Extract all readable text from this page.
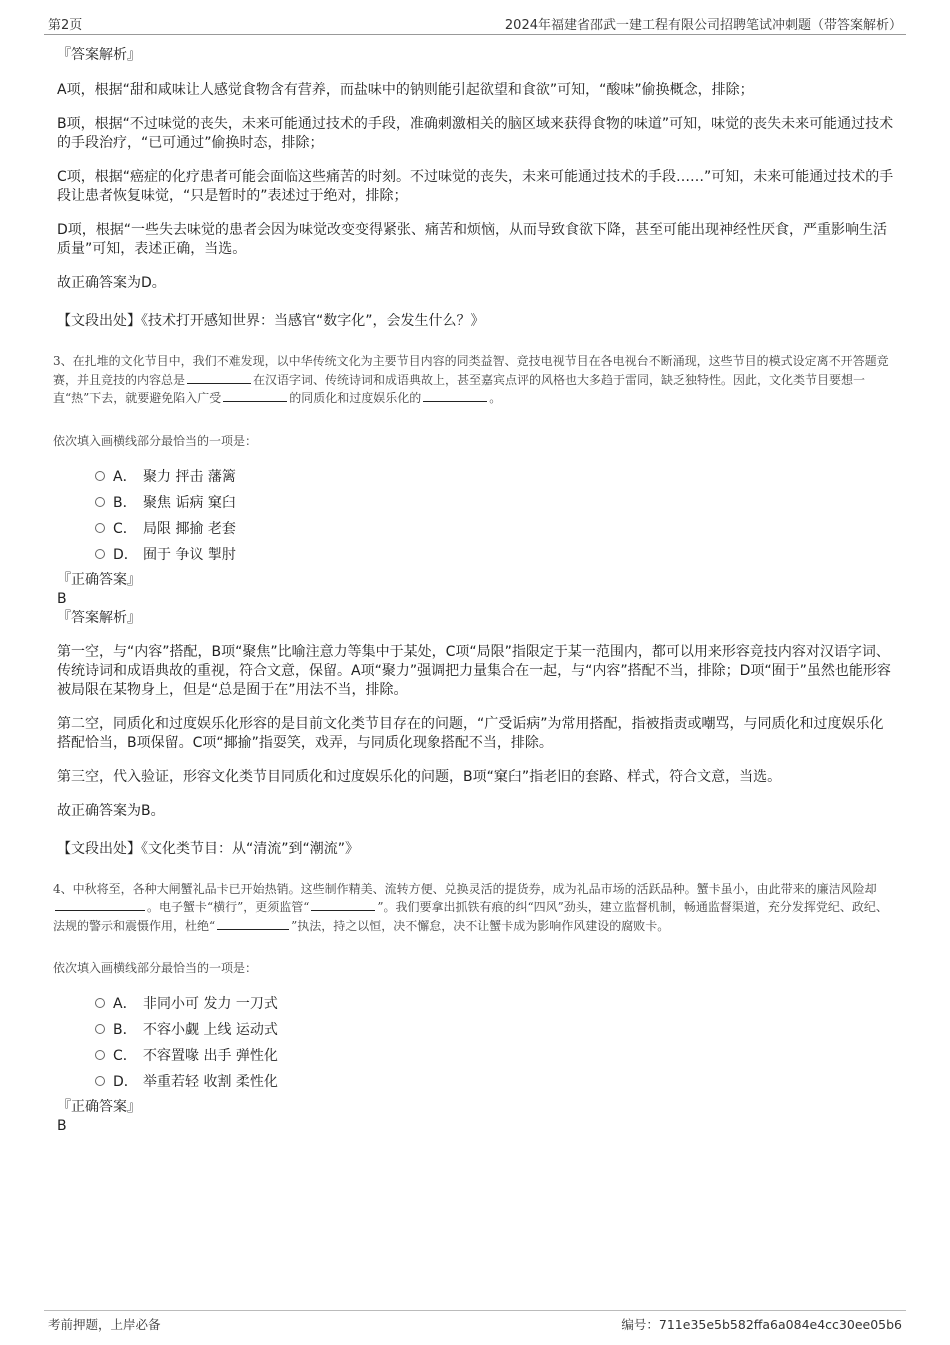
第2页	2024年福建省邵武一建工程有限公司招聘笔试冲刺题（带答案解析）
『答案解析』
A项，根据“甜和咸味让人感觉食物含有营养，而盐味中的钠则能引起欲望和食欲”可知，“酸味”偷换概念，排除；
B项，根据“不过味觉的丧失，未来可能通过技术的手段，准确刺激相关的脑区域来获得食物的味道”可知，味觉的丧失未来可能通过技术的手段治疗，“已可通过”偷换时态，排除；
C项，根据“癌症的化疗患者可能会面临这些痛苦的时刻。不过味觉的丧失，未来可能通过技术的手段……”可知，未来可能通过技术的手段让患者恢复味觉，“只是暂时的”表述过于绝对，排除；
D项，根据“一些失去味觉的患者会因为味觉改变变得紧张、痛苦和烦恼，从而导致食欲下降，甚至可能出现神经性厌食，严重影响生活质量”可知，表述正确，当选。
故正确答案为D。
【文段出处】《技术打开感知世界：当感官“数字化”，会发生什么？》
3、在扎堆的文化节目中，我们不难发现，以中华传统文化为主要节目内容的同类益智、竞技电视节目在各电视台不断涌现，这些节目的模式设定离不开答题竞赛，并且竞技的内容总是	在汉语字词、传统诗词和成语典故上，甚至嘉宾点评的风格也大多趋于雷同，缺乏独特性。因此，文化类节目要想一直“热”下去，就要避免陷入广受	的同质化和过度娱乐化的	。
依次填入画横线部分最恰当的一项是：
A． 聚力 抨击 藩篱
B． 聚焦 诟病 窠臼
C． 局限 揶揄 老套
D． 囿于 争议 掣肘
『正确答案』
B
『答案解析』
第一空，与“内容”搭配，B项“聚焦”比喻注意力等集中于某处，C项“局限”指限定于某一范围内，都可以用来形容竞技内容对汉语字词、传统诗词和成语典故的重视，符合文意，保留。A项“聚力”强调把力量集合在一起，与“内容”搭配不当，排除；D项“囿于”虽然也能形容被局限在某物身上，但是“总是囿于在”用法不当，排除。
第二空，同质化和过度娱乐化形容的是目前文化类节目存在的问题，“广受诟病”为常用搭配，指被指责或嘲骂，与同质化和过度娱乐化搭配恰当，B项保留。C项“揶揄”指耍笑，戏弄，与同质化现象搭配不当，排除。
第三空，代入验证，形容文化类节目同质化和过度娱乐化的问题，B项“窠臼”指老旧的套路、样式，符合文意，当选。
故正确答案为B。
【文段出处】《文化类节目：从“清流”到“潮流”》
4、中秋将至，各种大闸蟹礼品卡已开始热销。这些制作精美、流转方便、兑换灵活的提货券，成为礼品市场的活跃品种。蟹卡虽小，由此带来的廉洁风险却。电子蟹卡“横行”，更须监管“	”。我们要拿出抓铁有痕的纠“四风”劲头，建立监督机制，畅通监督渠道，充分发挥党纪、政纪、法规的警示和震慑作用，杜绝“	”执法，持之以恒，决不懈怠，决不让蟹卡成为影响作风建设的腐败卡。
依次填入画横线部分最恰当的一项是：
A． 非同小可 发力 一刀式
B． 不容小觑 上线 运动式
C． 不容置喙 出手 弹性化
D． 举重若轻 收割 柔性化
『正确答案』
B
考前押题，上岸必备	编号：711e35e5b582ffa6a084e4cc30ee05b6
